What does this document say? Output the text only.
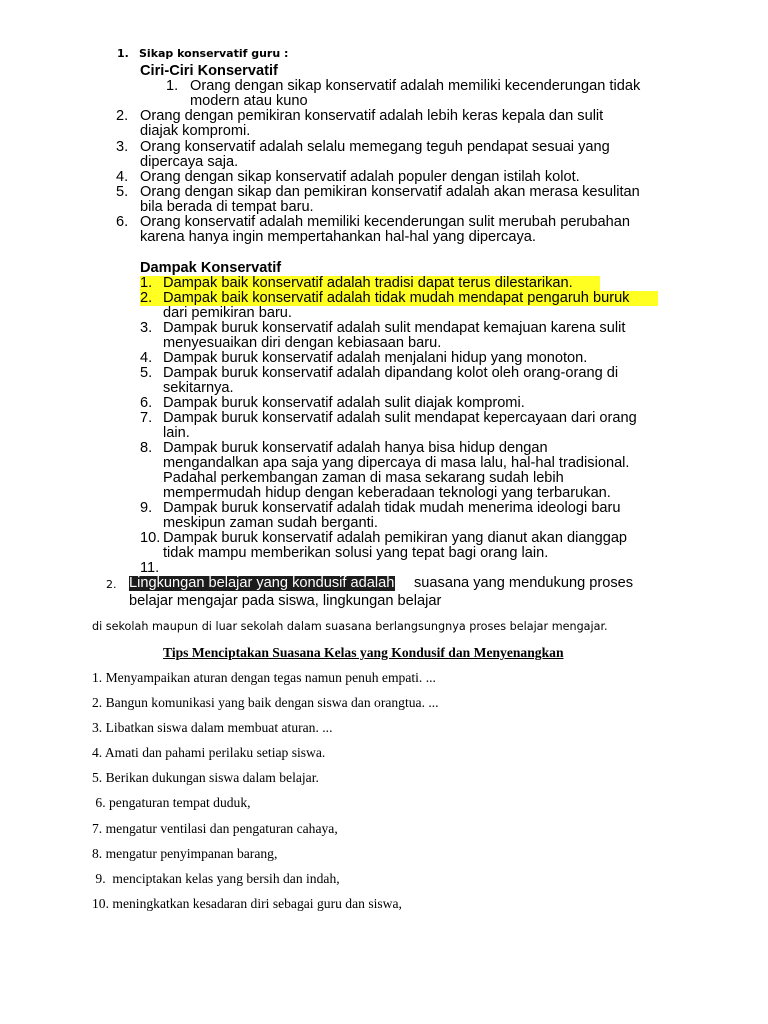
1. Sikap konservatif guru :
Ciri-Ciri Konservatif
1. Orang dengan sikap konservatif adalah memiliki kecenderungan tidak
modern atau kuno
2. Orang dengan pemikiran konservatif adalah lebih keras kepala dan sulit
diajak kompromi.
3. Orang konservatif adalah selalu memegang teguh pendapat sesuai yang
dipercaya saja.
4. Orang dengan sikap konservatif adalah populer dengan istilah kolot.
5. Orang dengan sikap dan pemikiran konservatif adalah akan merasa kesulitan
bila berada di tempat baru.
6. Orang konservatif adalah memiliki kecenderungan sulit merubah perubahan
karena hanya ingin mempertahankan hal-hal yang dipercaya.
Dampak Konservatif
1. Dampak baik konservatif adalah tradisi dapat terus dilestarikan.
2. Dampak baik konservatif adalah tidak mudah mendapat pengaruh buruk
dari pemikiran baru.
3. Dampak buruk konservatif adalah sulit mendapat kemajuan karena sulit
menyesuaikan diri dengan kebiasaan baru.
4. Dampak buruk konservatif adalah menjalani hidup yang monoton.
5. Dampak buruk konservatif adalah dipandang kolot oleh orang-orang di
sekitarnya.
6. Dampak buruk konservatif adalah sulit diajak kompromi.
7. Dampak buruk konservatif adalah sulit mendapat kepercayaan dari orang
lain.
8. Dampak buruk konservatif adalah hanya bisa hidup dengan
mengandalkan apa saja yang dipercaya di masa lalu, hal-hal tradisional.
Padahal perkembangan zaman di masa sekarang sudah lebih
mempermudah hidup dengan keberadaan teknologi yang terbarukan.
9. Dampak buruk konservatif adalah tidak mudah menerima ideologi baru
meskipun zaman sudah berganti.
10. Dampak buruk konservatif adalah pemikiran yang dianut akan dianggap
tidak mampu memberikan solusi yang tepat bagi orang lain.
11.
2. Lingkungan belajar yang kondusif adalah suasana yang mendukung proses
belajar mengajar pada siswa, lingkungan belajar
di sekolah maupun di luar sekolah dalam suasana berlangsungnya proses belajar mengajar.
Tips Menciptakan Suasana Kelas yang Kondusif dan Menyenangkan
1. Menyampaikan aturan dengan tegas namun penuh empati. ...
2. Bangun komunikasi yang baik dengan siswa dan orangtua. ...
3. Libatkan siswa dalam membuat aturan. ...
4. Amati dan pahami perilaku setiap siswa.
5. Berikan dukungan siswa dalam belajar.
6. pengaturan tempat duduk,
7. mengatur ventilasi dan pengaturan cahaya,
8. mengatur penyimpanan barang,
9.  menciptakan kelas yang bersih dan indah,
10. meningkatkan kesadaran diri sebagai guru dan siswa,
